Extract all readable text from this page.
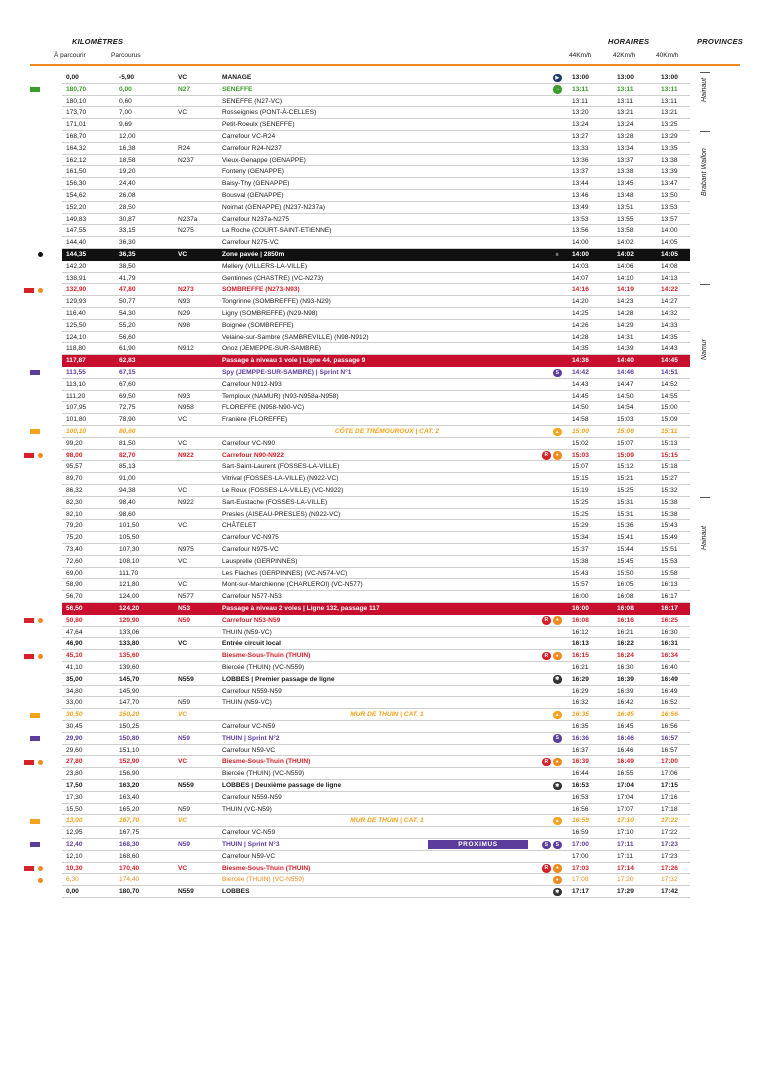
KILOMÈTRES
À parcourir	Parcourus
HORAIRES	PROVINCES
44Km/h	42Km/h	40Km/h
0,00	-5,90	VC	MANAGE	13:00	13:00	13:00
▶
180,70	0,00	N27	SENEFFE	13:11	13:11	13:11
→
180,10	0,60	SENEFFE (N27-VC)	13:11	13:11	13:11
173,70	7,00	VC	Rosseignies (PONT-À-CELLES)	13:20	13:21	13:21
171,01	9,69	Petit-Roeulx (SENEFFE)	13:24	13:24	13:25
168,70	12,00	Carrefour VC-R24	13:27	13:28	13:29
164,32	16,38	R24	Carrefour R24-N237	13:33	13:34	13:35
162,12	18,58	N237	Vieux-Genappe (GENAPPE)	13:36	13:37	13:38
161,50	19,20	Fonteny (GENAPPE)	13:37	13:38	13:39
156,30	24,40	Baisy-Thy (GENAPPE)	13:44	13:45	13:47
154,62	26,08	Bousval (GENAPPE)	13:46	13:48	13:50
152,20	28,50	Noirhat (GENAPPE) (N237-N237a)	13:49	13:51	13:53
149,83	30,87	N237a	Carrefour N237a-N275	13:53	13:55	13:57
147,55	33,15	N275	La Roche (COURT-SAINT-ETIENNE)	13:56	13:58	14:00
144,40	36,30	Carrefour N275-VC	14:00	14:02	14:05
144,35	36,35	VC	Zone pavée | 2850m	14:00	14:02	14:05
≡
142,20	38,50	Mellery (VILLERS-LA-VILLE)	14:03	14:06	14:08
138,91	41,79	Gentinnes (CHASTRE) (VC-N273)	14:07	14:10	14:13
132,90	47,80	N273	SOMBREFFE (N273-N93)	14:16	14:19	14:22
129,93	50,77	N93	Tongrinne (SOMBREFFE) (N93-N29)	14:20	14:23	14:27
116,40	54,30	N29	Ligny (SOMBREFFE) (N29-N98)	14:25	14:28	14:32
125,50	55,20	N98	Boignée (SOMBREFFE)	14:26	14:29	14:33
124,10	56,60	Velaine-sur-Sambre (SAMBREVILLE) (N98-N912)	14:28	14:31	14:35
118,80	61,90	N912	Onoz (JEMEPPE-SUR-SAMBRE)	14:35	14:39	14:43
117,87	62,83	Passage à niveau 1 voie | Ligne 44, passage 9	14:36	14:40	14:45
113,55	67,15	Spy (JEMPPE-SUR-SAMBRE) | Sprint N°1	14:42	14:46	14:51
S
113,10	67,60	Carrefour N912-N93	14:43	14:47	14:52
111,20	69,50	N93	Temploux (NAMUR) (N93-N958a-N958)	14:45	14:50	14:55
107,95	72,75	N958	FLOREFFE (N958-N90-VC)	14:50	14:54	15:00
101,80	78,90	VC	Franière (FLOREFFE)	14:58	15:03	15:09
100,10	80,60	CÔTE DE TRÉMOUROUX | CAT. 2	15:00	15:06	15:11
▲
99,20	81,50	VC	Carrefour VC-N90	15:02	15:07	15:13
98,00	82,70	N922	Carrefour N90-N922	15:03	15:09	15:15
R	●
95,57	85,13	Sart-Saint-Laurent (FOSSES-LA-VILLE)	15:07	15:12	15:18
89,70	91,00	Vitrival (FOSSES-LA-VILLE) (N922-VC)	15:15	15:21	15:27
86,32	94,38	VC	Le Roux (FOSSES-LA-VILLE) (VC-N922)	15:19	15:25	15:32
82,30	98,40	N922	Sart-Eustache (FOSSES-LA-VILLE)	15:25	15:31	15:38
82,10	98,60	Presles (AISEAU-PRESLES) (N922-VC)	15:25	15:31	15:38
79,20	101,50	VC	CHÂTELET	15:29	15:36	15:43
75,20	105,50	Carrefour VC-N975	15:34	15:41	15:49
73,40	107,30	N975	Carrefour N975-VC	15:37	15:44	15:51
72,60	108,10	VC	Lausprelle (GERPINNES)	15:38	15:45	15:53
69,00	111,70	Les Flaches (GERPINNES) (VC-N574-VC)	15:43	15:50	15:58
58,90	121,80	VC	Mont-sur-Marchienne (CHARLEROI) (VC-N577)	15:57	16:05	16:13
56,70	124,00	N577	Carrefour N577-N53	16:00	16:08	16:17
56,50	124,20	N53	Passage à niveau 2 voies | Ligne 132, passage 117	16:00	16:08	16:17
50,80	129,90	N59	Carrefour N53-N59	16:08	16:16	16:25
R	●
47,64	133,06	THUIN (N59-VC)	16:12	16:21	16:30
46,90	133,80	VC	Entrée circuit local	16:13	16:22	16:31
45,10	135,60	Biesme-Sous-Thuin (THUIN)	16:15	16:24	16:34
R	●
41,10	139,60	Biercée (THUIN) (VC-N559)	16:21	16:30	16:40
35,00	145,70	N559	LOBBES | Premier passage de ligne	16:29	16:39	16:49
✱
34,80	145,90	Carrefour N559-N59	16:29	16:39	16:49
33,00	147,70	N59	THUIN (N59-VC)	16:32	16:42	16:52
30,50	150,20	VC	MUR DE THUIN | CAT. 1	16:35	16:45	16:56
▲
30,45	150,25	Carrefour VC-N59	16:35	16:45	16:56
29,90	150,80	N59	THUIN | Sprint N°2	16:36	16:46	16:57
S
29,60	151,10	Carrefour N59-VC	16:37	16:46	16:57
27,80	152,90	VC	Biesme-Sous-Thuin (THUIN)	16:39	16:49	17:00
R	●
23,80	156,90	Biercée (THUIN) (VC-N559)	16:44	16:55	17:06
17,50	163,20	N559	LOBBES | Deuxième passage de ligne	16:53	17:04	17:15
✱
17,30	163,40	Carrefour N559-N59	16:53	17:04	17:16
15,50	165,20	N59	THUIN (VC-N59)	16:56	17:07	17:18
13,00	167,70	VC	MUR DE THUIN | CAT. 1	16:59	17:10	17:22
▲
12,95	167,75	Carrefour VC-N59	16:59	17:10	17:22
12,40	168,30	N59	THUIN | Sprint N°3	17:00	17:11	17:23
S	S
PROXIMUS
12,10	168,60	Carrefour N59-VC	17:00	17:11	17:23
10,30	170,40	VC	Biesme-Sous-Thuin (THUIN)	17:03	17:14	17:26
R	●
6,30	174,40	Biercée (THUIN) (VC-N559)	17:08	17:20	17:32
●
0,00	180,70	N559	LOBBES	17:17	17:29	17:42
✱
Hainaut
Brabant Wallon
Namur
Hainaut
